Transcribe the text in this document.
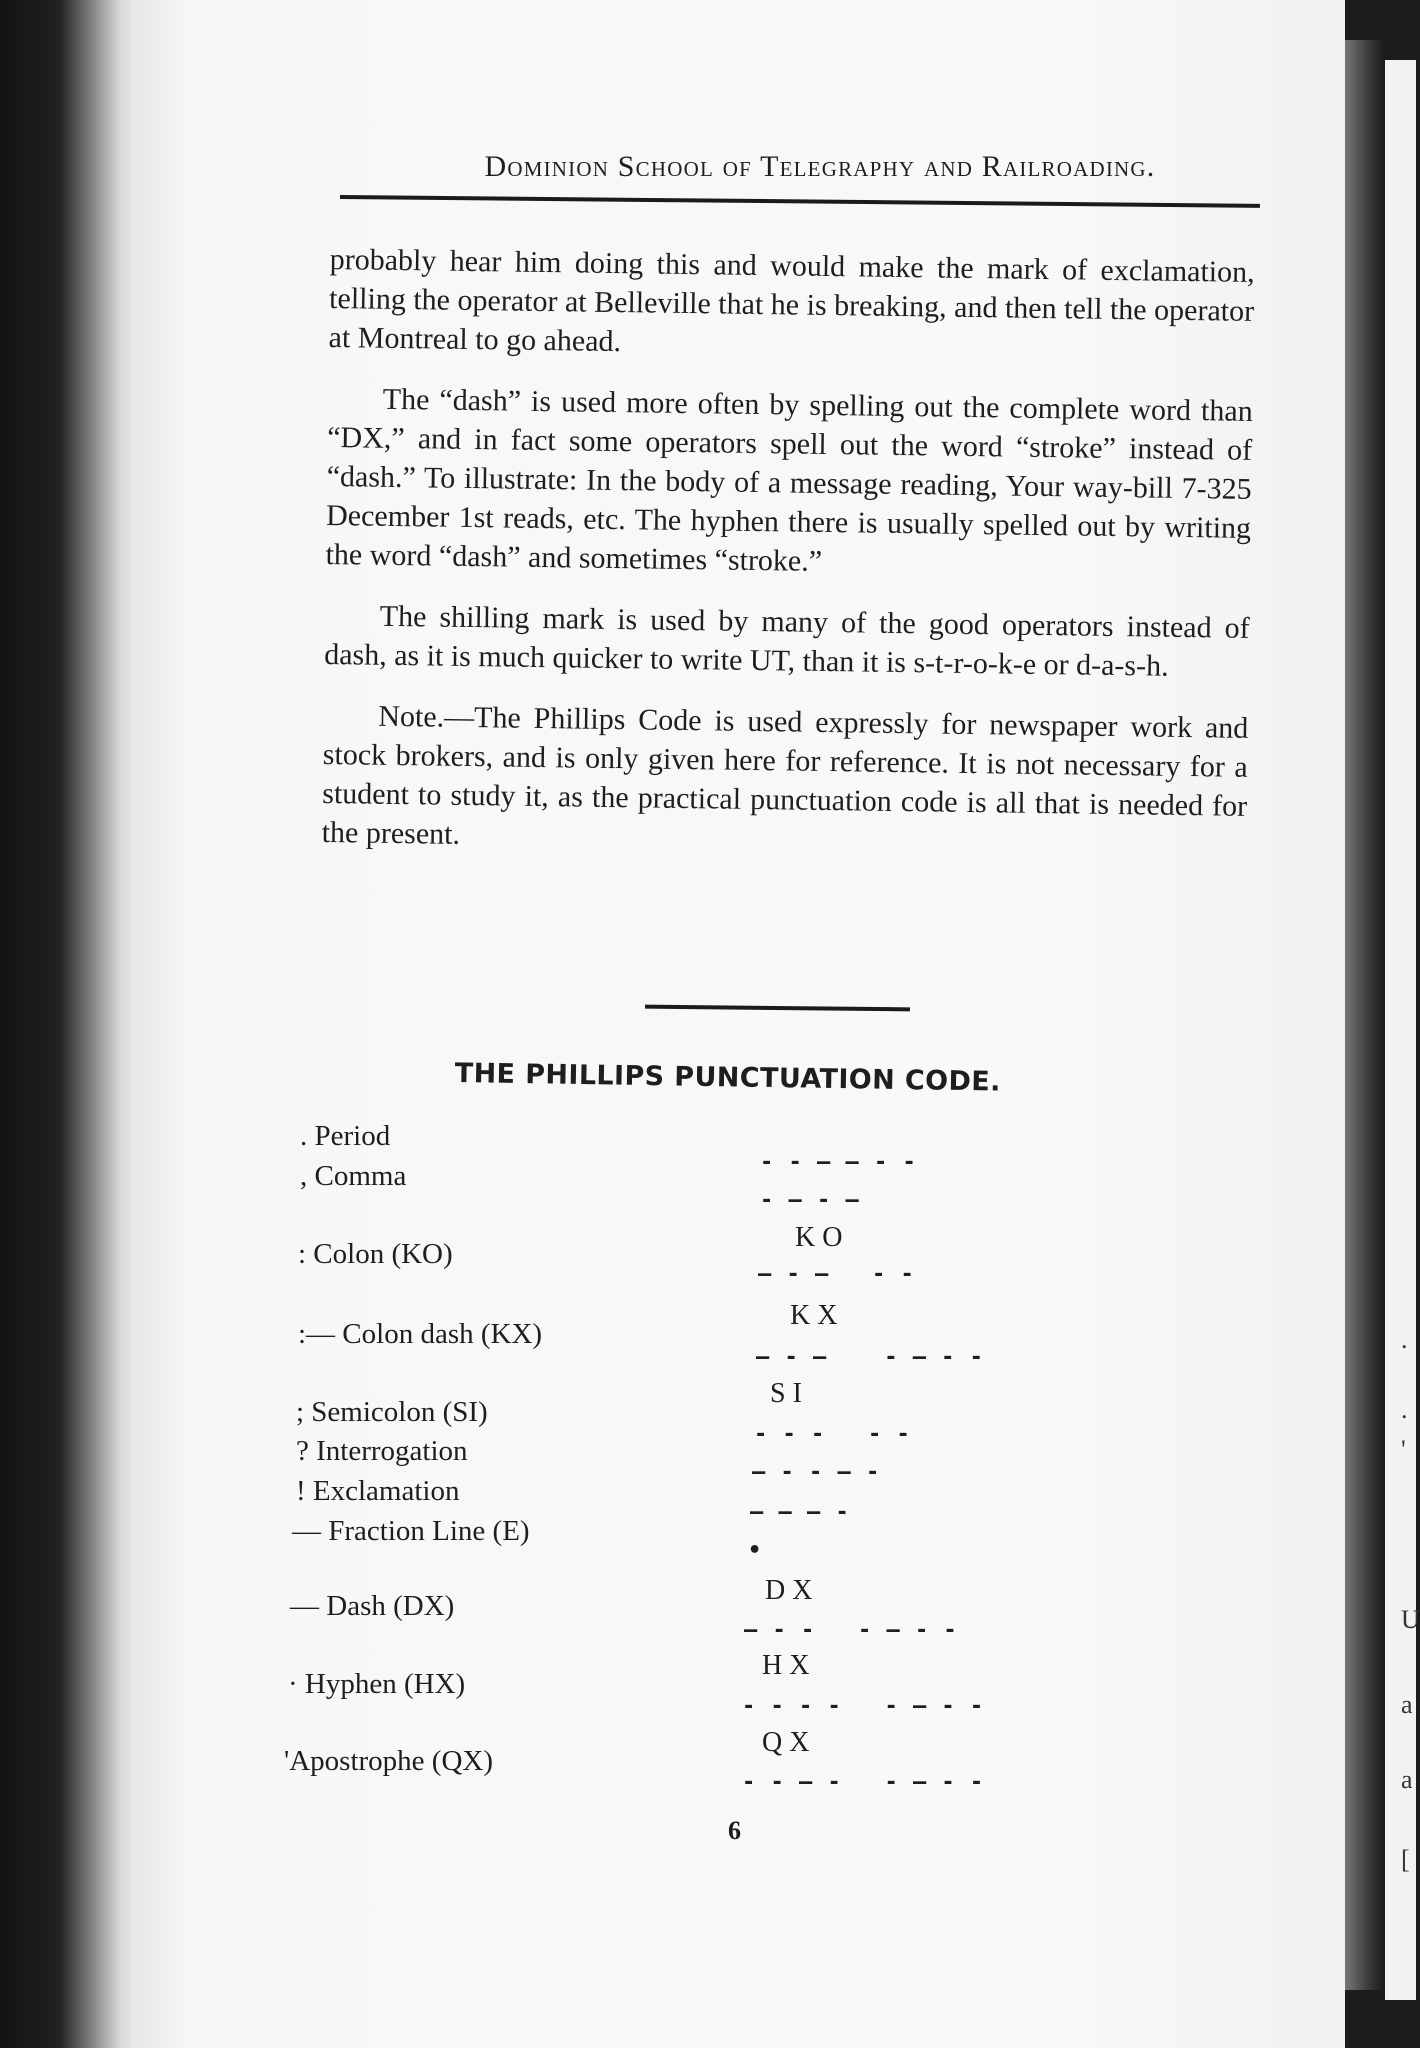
.
.
'
U
a
a
[
Dominion School of Telegraphy and Railroading.

probably hear him doing this and would make the mark of exclamation, telling the operator at Belleville that he is breaking, and then tell the operator at Montreal to go ahead.

The “dash” is used more often by spelling out the complete word than “DX,” and in fact some operators spell out the word “stroke” instead of “dash.” To illustrate: In the body of a message reading, Your way-bill 7-325 December 1st reads, etc. The hyphen there is usually spelled out by writing the word “dash” and sometimes “stroke.”

The shilling mark is used by many of the good operators instead of dash, as it is much quicker to write UT, than it is s-t-r-o-k-e or d-a-s-h.

Note.—The Phillips Code is used expressly for newspaper work and stock brokers, and is only given here for reference. It is not necessary for a student to study it, as the practical punctuation code is all that is needed for the present.

THE PHILLIPS PUNCTUATION CODE.
. Period
- - — — - -
, Comma
- — - —
K O
: Colon (KO)
— - —   - -
K X
:— Colon dash (KX)
— - —    - — - -
S I
; Semicolon (SI)
- - -   - -
? Interrogation
— - - — -
! Exclamation
— — — -
— Fraction Line (E)
•
D X
— Dash (DX)
— - -   - — - -
H X
· Hyphen (HX)
- - - -   - — - -
Q X
'Apostrophe (QX)
- - — -   - — - -
6
